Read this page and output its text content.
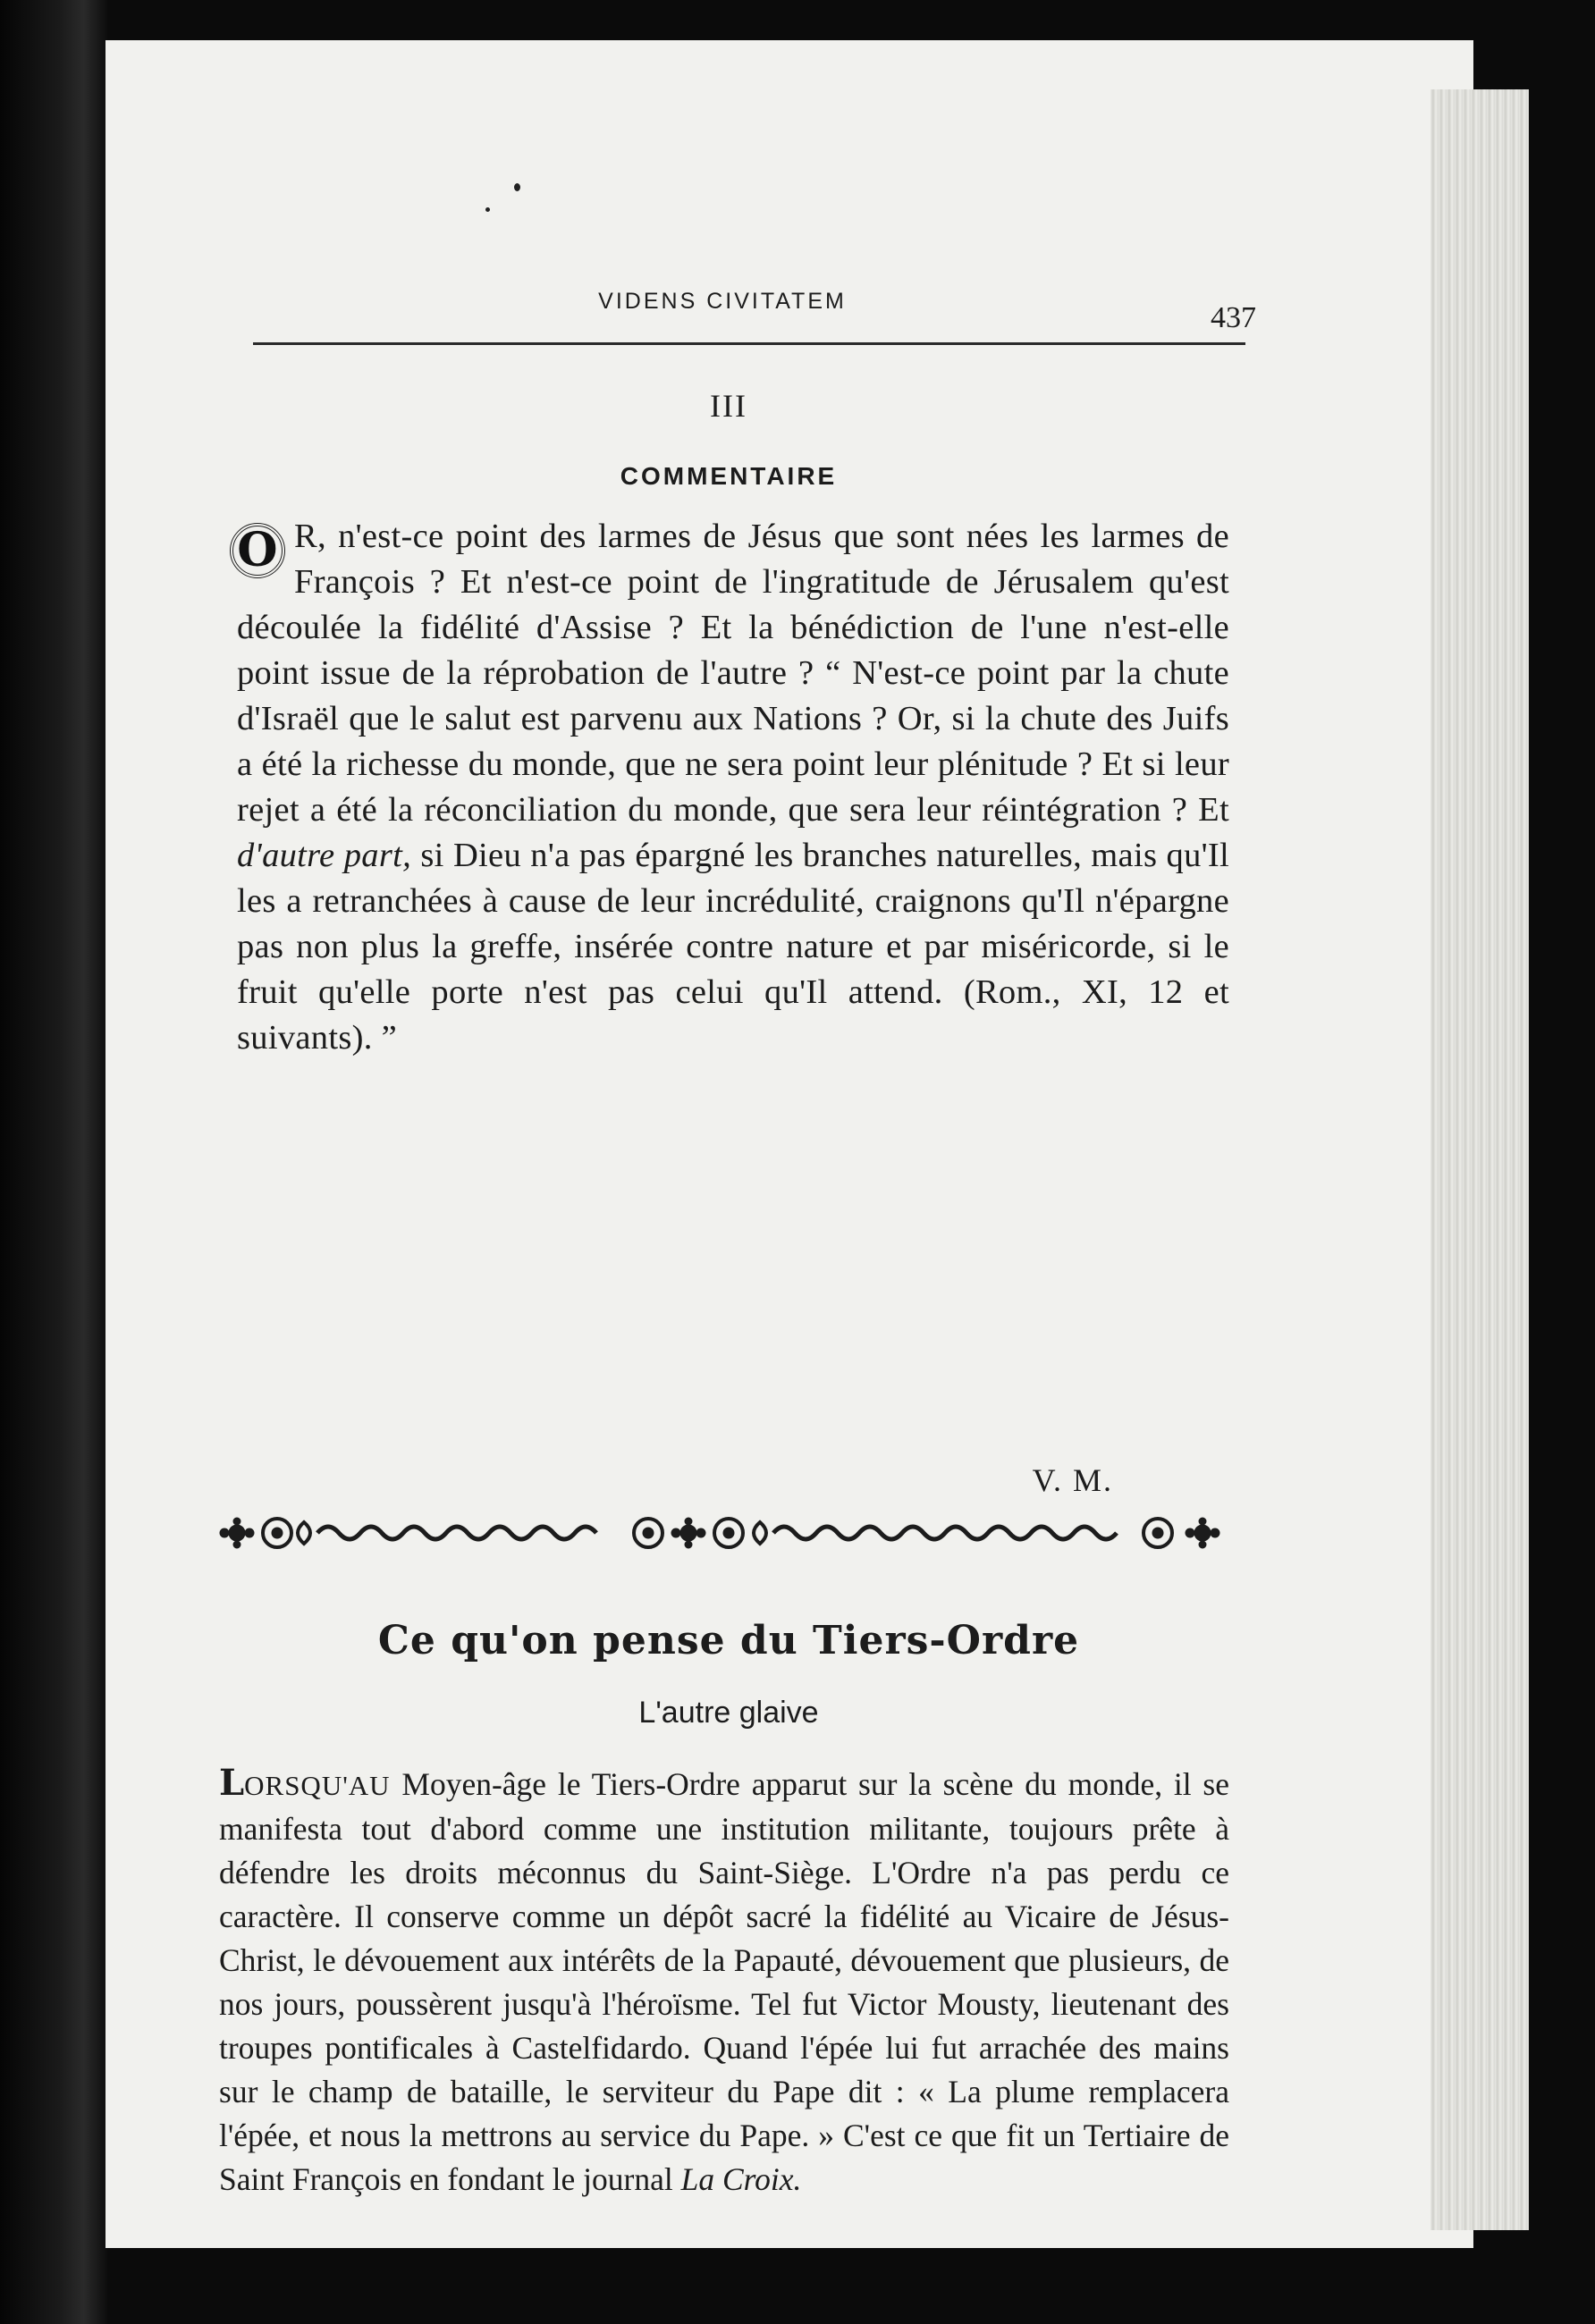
VIDENS CIVITATEM	437
III
COMMENTAIRE
O R, n'est-ce point des larmes de Jésus que sont nées les larmes de François ? Et n'est-ce point de l'ingratitude de Jérusalem qu'est découlée la fidélité d'Assise ? Et la bénédiction de l'une n'est-elle point issue de la réprobation de l'autre ? “ N'est-ce point par la chute d'Israël que le salut est parvenu aux Nations ? Or, si la chute des Juifs a été la richesse du monde, que ne sera point leur plénitude ? Et si leur rejet a été la réconciliation du monde, que sera leur réintégration ? Et d'autre part, si Dieu n'a pas épargné les branches naturelles, mais qu'Il les a retranchées à cause de leur incrédulité, craignons qu'Il n'épargne pas non plus la greffe, insérée contre nature et par miséricorde, si le fruit qu'elle porte n'est pas celui qu'Il attend. (Rom., XI, 12 et suivants). ”
V. M.
Ce qu'on pense du Tiers-Ordre
L'autre glaive
LORSQU'AU Moyen-âge le Tiers-Ordre apparut sur la scène du monde, il se manifesta tout d'abord comme une institution militante, toujours prête à défendre les droits méconnus du Saint-Siège. L'Ordre n'a pas perdu ce caractère. Il conserve comme un dépôt sacré la fidélité au Vicaire de Jésus-Christ, le dévouement aux intérêts de la Papauté, dévouement que plusieurs, de nos jours, poussèrent jusqu'à l'héroïsme. Tel fut Victor Mousty, lieutenant des troupes pontificales à Castelfidardo. Quand l'épée lui fut arrachée des mains sur le champ de bataille, le serviteur du Pape dit : « La plume remplacera l'épée, et nous la mettrons au service du Pape. » C'est ce que fit un Tertiaire de Saint François en fondant le journal La Croix.
